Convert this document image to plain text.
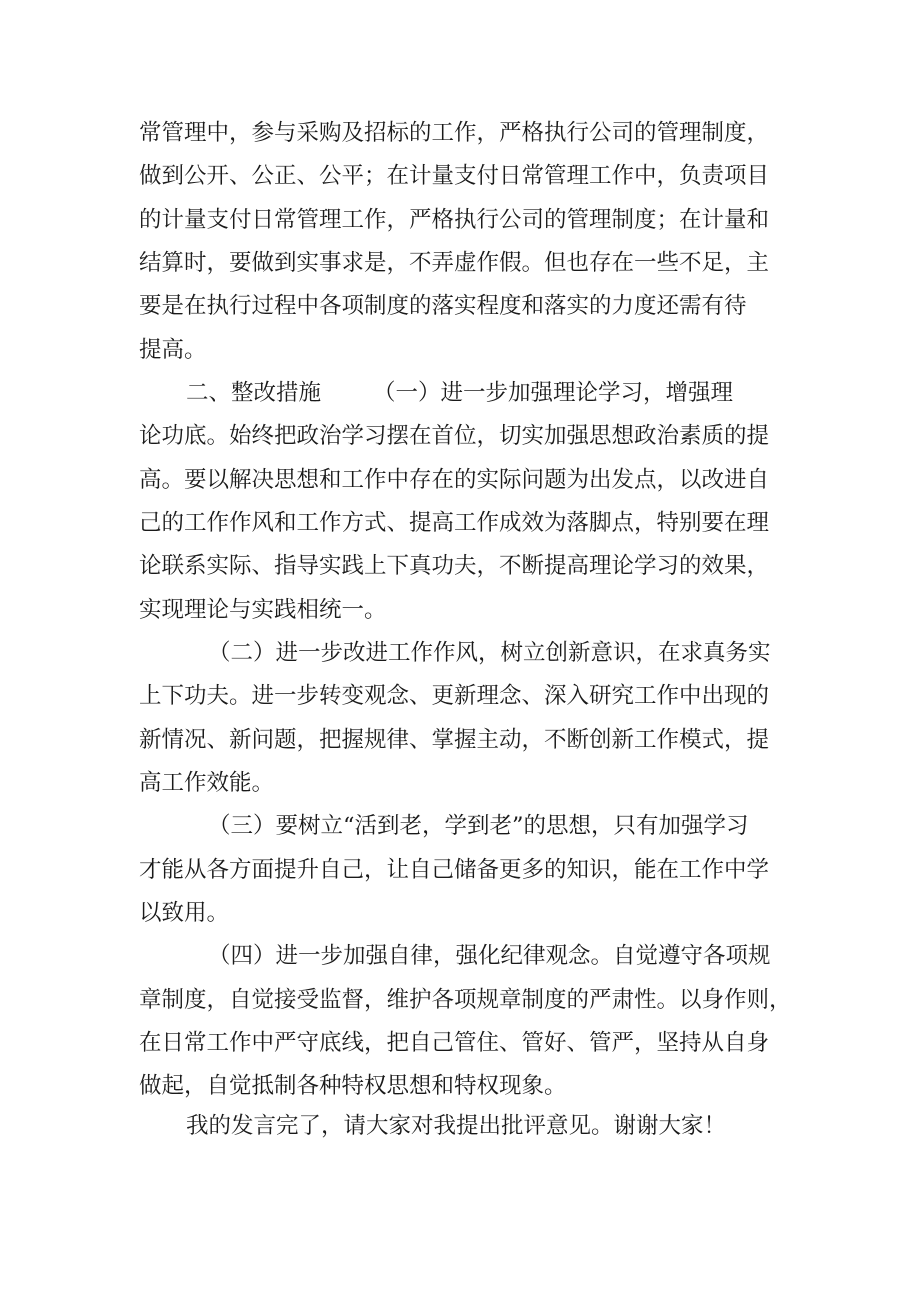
常管理中，参与采购及招标的工作，严格执行公司的管理制度，
做到公开、公正、公平；在计量支付日常管理工作中，负责项目
的计量支付日常管理工作，严格执行公司的管理制度；在计量和
结算时，要做到实事求是，不弄虚作假。但也存在一些不足，主
要是在执行过程中各项制度的落实程度和落实的力度还需有待
提高。
二、整改措施 （一）进一步加强理论学习，增强理
论功底。始终把政治学习摆在首位，切实加强思想政治素质的提
高。要以解决思想和工作中存在的实际问题为出发点，以改进自
己的工作作风和工作方式、提高工作成效为落脚点，特别要在理
论联系实际、指导实践上下真功夫，不断提高理论学习的效果，
实现理论与实践相统一。
（二）进一步改进工作作风，树立创新意识，在求真务实
上下功夫。进一步转变观念、更新理念、深入研究工作中出现的
新情况、新问题，把握规律、掌握主动，不断创新工作模式，提
高工作效能。
（三）要树立“活到老，学到老”的思想，只有加强学习
才能从各方面提升自己，让自己储备更多的知识，能在工作中学
以致用。
（四）进一步加强自律，强化纪律观念。自觉遵守各项规
章制度，自觉接受监督，维护各项规章制度的严肃性。以身作则，
在日常工作中严守底线，把自己管住、管好、管严，坚持从自身
做起，自觉抵制各种特权思想和特权现象。
我的发言完了，请大家对我提出批评意见。谢谢大家！
